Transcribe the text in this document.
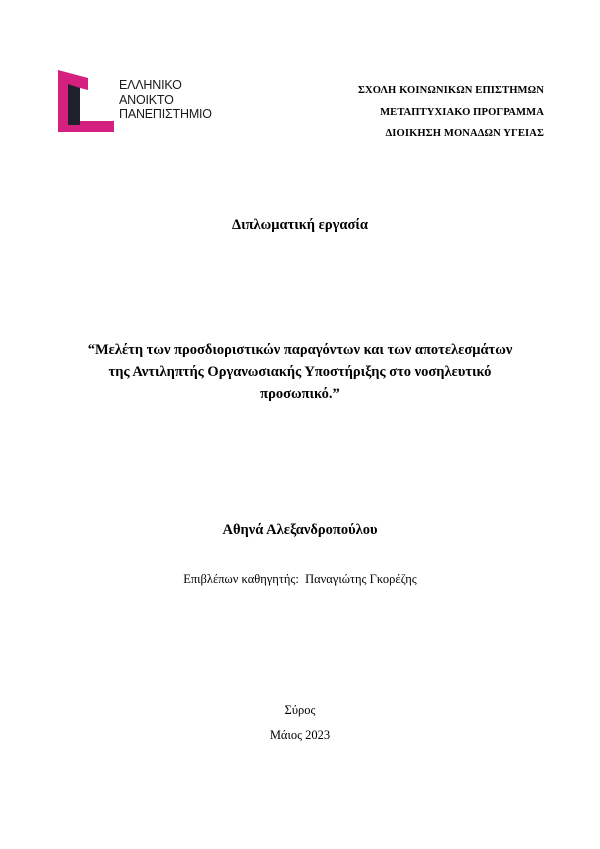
ΕΛΛΗΝΙΚΟ
ΑΝΟΙΚΤΟ
ΠΑΝΕΠΙΣΤΗΜΙΟ
ΣΧΟΛΗ ΚΟΙΝΩΝΙΚΩΝ ΕΠΙΣΤΗΜΩΝ
ΜΕΤΑΠΤΥΧΙΑΚΟ ΠΡΟΓΡΑΜΜΑ
ΔΙΟΙΚΗΣΗ ΜΟΝΑΔΩΝ ΥΓΕΙΑΣ
Διπλωματική εργασία
“Μελέτη των προσδιοριστικών παραγόντων και των αποτελεσμάτων
της Αντιληπτής Οργανωσιακής Υποστήριξης στο νοσηλευτικό
προσωπικό.”
Αθηνά Αλεξανδροπούλου
Επιβλέπων καθηγητής:  Παναγιώτης Γκορέζης
Σύρος
Μάιος 2023
